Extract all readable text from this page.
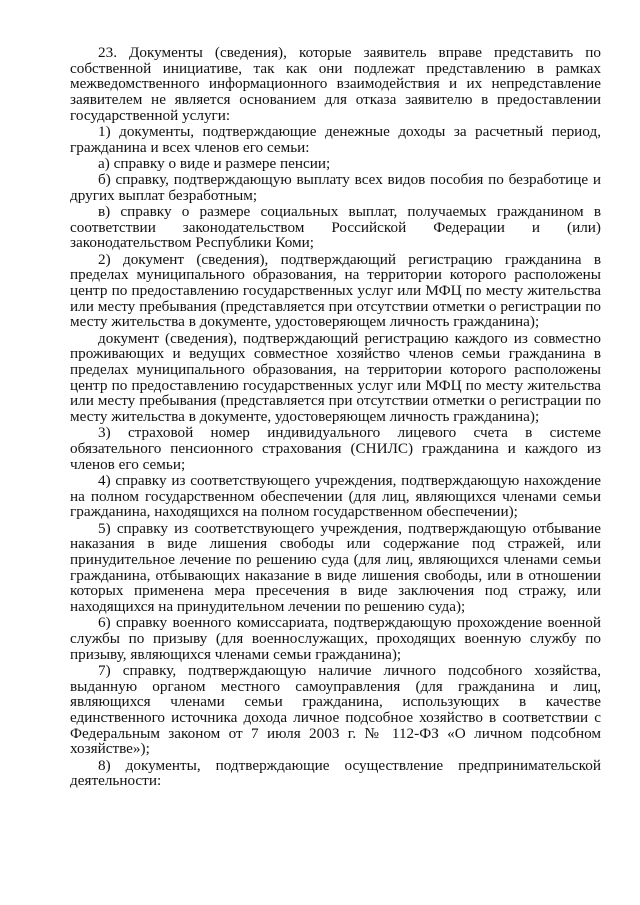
23. Документы (сведения), которые заявитель вправе представить по собственной инициативе, так как они подлежат представлению в рамках межведомственного информационного взаимодействия и их непредставление заявителем не является основанием для отказа заявителю в предоставлении государственной услуги:

1) документы, подтверждающие денежные доходы за расчетный период, гражданина и всех членов его семьи:

а) справку о виде и размере пенсии;

б) справку, подтверждающую выплату всех видов пособия по безработице и других выплат безработным;

в) справку о размере социальных выплат, получаемых гражданином в соответствии законодательством Российской Федерации и (или) законодательством Республики Коми;

2) документ (сведения), подтверждающий регистрацию гражданина в пределах муниципального образования, на территории которого расположены центр по предоставлению государственных услуг или МФЦ по месту жительства или месту пребывания (представляется при отсутствии отметки о регистрации по месту жительства в документе, удостоверяющем личность гражданина);

документ (сведения), подтверждающий регистрацию каждого из совместно проживающих и ведущих совместное хозяйство членов семьи гражданина в пределах муниципального образования, на территории которого расположены центр по предоставлению государственных услуг или МФЦ по месту жительства или месту пребывания (представляется при отсутствии отметки о регистрации по месту жительства в документе, удостоверяющем личность гражданина);

3) страховой номер индивидуального лицевого счета в системе обязательного пенсионного страхования (СНИЛС) гражданина и каждого из членов его семьи;

4) справку из соответствующего учреждения, подтверждающую нахождение на полном государственном обеспечении (для лиц, являющихся членами семьи гражданина, находящихся на полном государственном обеспечении);

5) справку из соответствующего учреждения, подтверждающую отбывание наказания в виде лишения свободы или содержание под стражей, или принудительное лечение по решению суда (для лиц, являющихся членами семьи гражданина, отбывающих наказание в виде лишения свободы, или в отношении которых применена мера пресечения в виде заключения под стражу, или находящихся на принудительном лечении по решению суда);

6) справку военного комиссариата, подтверждающую прохождение военной службы по призыву (для военнослужащих, проходящих военную службу по призыву, являющихся членами семьи гражданина);

7) справку, подтверждающую наличие личного подсобного хозяйства, выданную органом местного самоуправления (для гражданина и лиц, являющихся членами семьи гражданина, использующих в качестве единственного источника дохода личное подсобное хозяйство в соответствии с Федеральным законом от 7 июля 2003 г. № 112-ФЗ «О личном подсобном хозяйстве»);

8) документы, подтверждающие осуществление предпринимательской деятельности:
